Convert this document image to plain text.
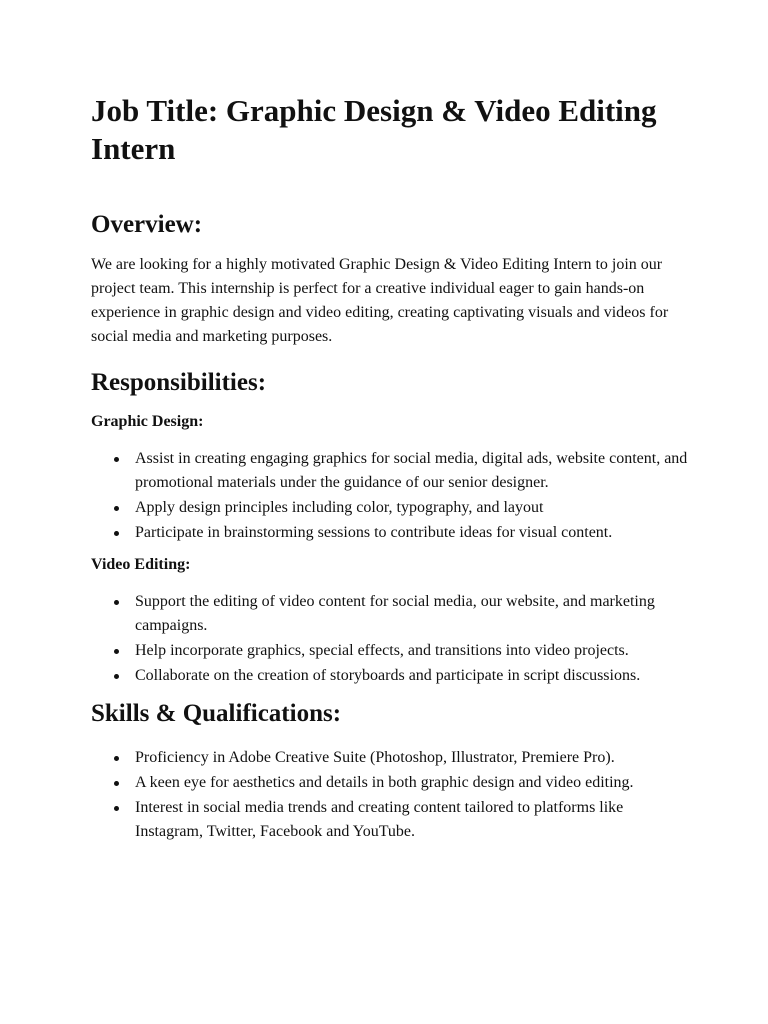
Job Title: Graphic Design & Video Editing Intern
Overview:

We are looking for a highly motivated Graphic Design & Video Editing Intern to join our project team. This internship is perfect for a creative individual eager to gain hands-on experience in graphic design and video editing, creating captivating visuals and videos for social media and marketing purposes.

Responsibilities:
Graphic Design:
Assist in creating engaging graphics for social media, digital ads, website content, and promotional materials under the guidance of our senior designer.
Apply design principles including color, typography, and layout
Participate in brainstorming sessions to contribute ideas for visual content.
Video Editing:
Support the editing of video content for social media, our website, and marketing campaigns.
Help incorporate graphics, special effects, and transitions into video projects.
Collaborate on the creation of storyboards and participate in script discussions.
Skills & Qualifications:
Proficiency in Adobe Creative Suite (Photoshop, Illustrator, Premiere Pro).
A keen eye for aesthetics and details in both graphic design and video editing.
Interest in social media trends and creating content tailored to platforms like Instagram, Twitter, Facebook and YouTube.
